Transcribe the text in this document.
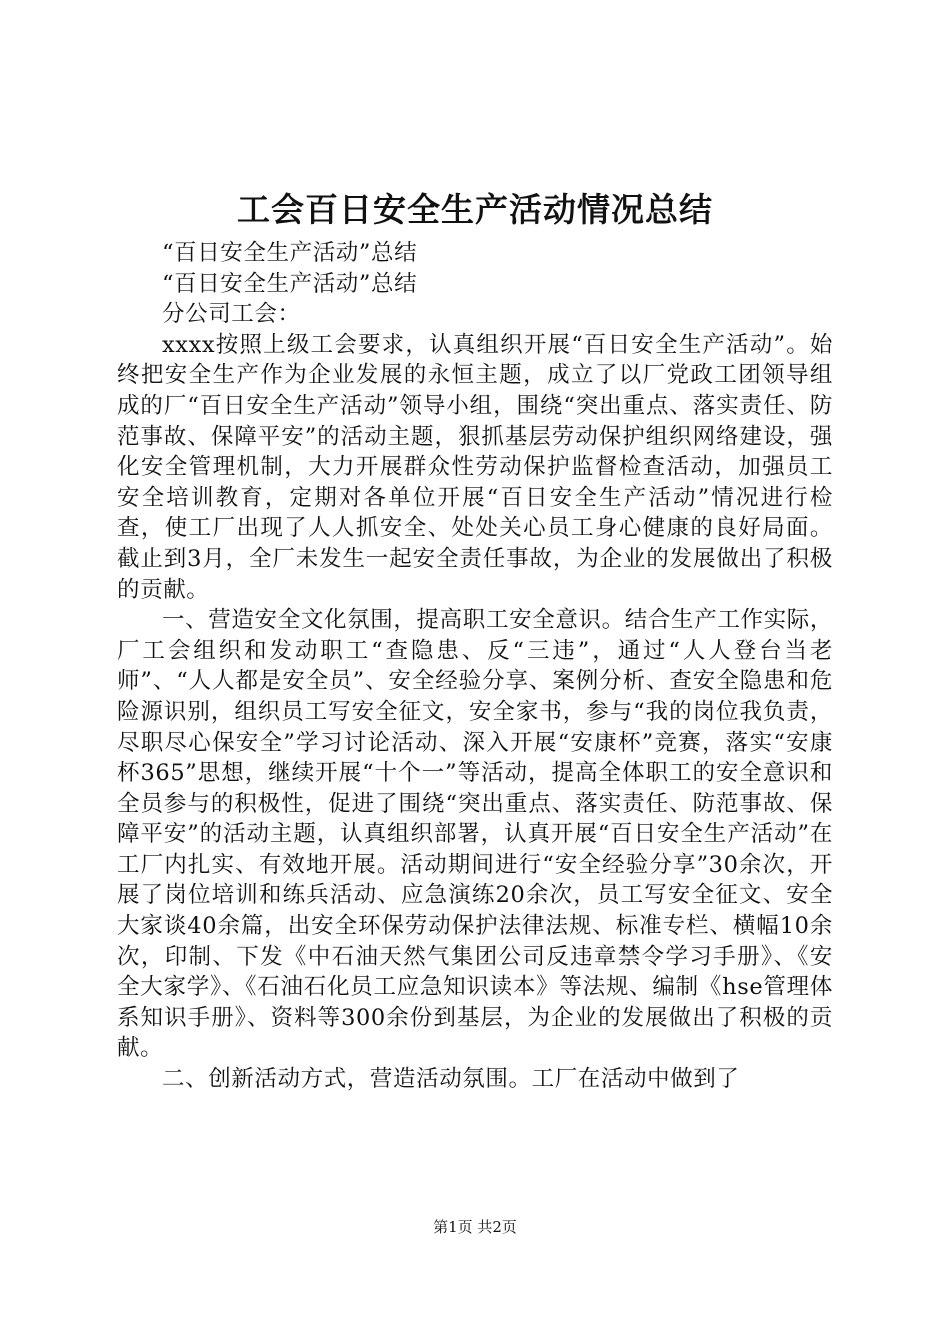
工会百日安全生产活动情况总结

“百日安全生产活动”总结

“百日安全生产活动”总结

分公司工会：

xxxx按照上级工会要求，认真组织开展“百日安全生产活动”。始终把安全生产作为企业发展的永恒主题，成立了以厂党政工团领导组成的厂“百日安全生产活动”领导小组，围绕“突出重点、落实责任、防范事故、保障平安”的活动主题，狠抓基层劳动保护组织网络建设，强化安全管理机制，大力开展群众性劳动保护监督检查活动，加强员工安全培训教育，定期对各单位开展“百日安全生产活动”情况进行检查，使工厂出现了人人抓安全、处处关心员工身心健康的良好局面。截止到3月，全厂未发生一起安全责任事故，为企业的发展做出了积极的贡献。

一、营造安全文化氛围，提高职工安全意识。结合生产工作实际，厂工会组织和发动职工“查隐患、反“三违”，通过“人人登台当老师”、“人人都是安全员”、安全经验分享、案例分析、查安全隐患和危险源识别，组织员工写安全征文，安全家书，参与“我的岗位我负责，尽职尽心保安全”学习讨论活动、深入开展“安康杯”竞赛，落实“安康杯365”思想，继续开展“十个一”等活动，提高全体职工的安全意识和全员参与的积极性，促进了围绕“突出重点、落实责任、防范事故、保障平安”的活动主题，认真组织部署，认真开展“百日安全生产活动”在工厂内扎实、有效地开展。活动期间进行“安全经验分享”30余次，开展了岗位培训和练兵活动、应急演练20余次，员工写安全征文、安全大家谈40余篇，出安全环保劳动保护法律法规、标准专栏、横幅10余次，印制、下发《中石油天然气集团公司反违章禁令学习手册》、《安全大家学》、《石油石化员工应急知识读本》等法规、编制《hse管理体系知识手册》、资料等300余份到基层，为企业的发展做出了积极的贡献。

二、创新活动方式，营造活动氛围。工厂在活动中做到了

第1页 共2页
